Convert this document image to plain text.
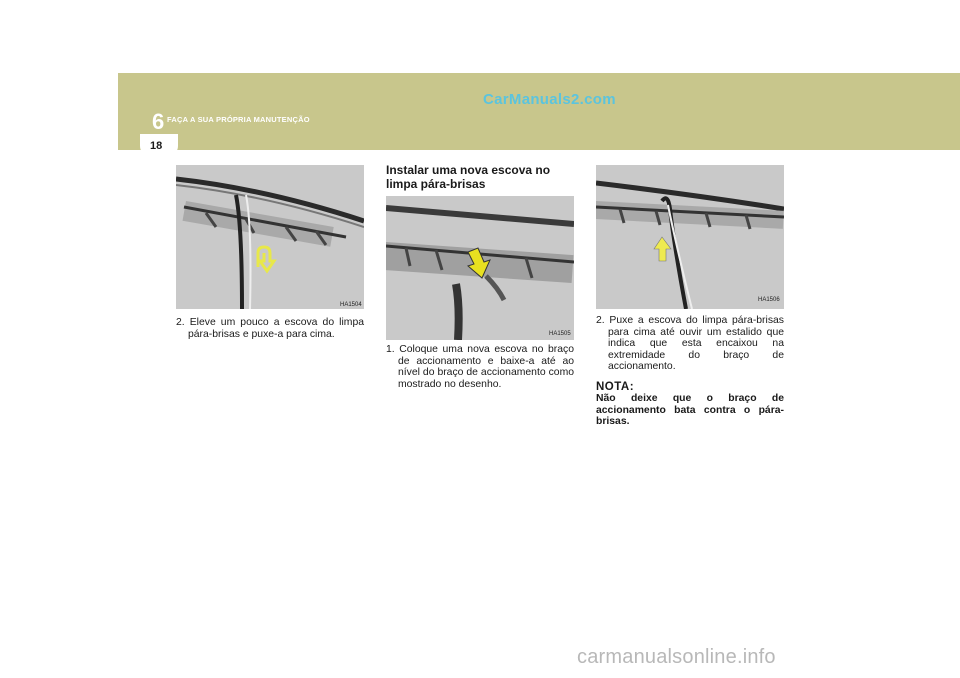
6 FAÇA A SUA PRÓPRIA MANUTENÇÃO
CarManuals2.com
18
HA1504

2. Eleve um pouco a escova do limpa pára-brisas e puxe-a para cima.

Instalar uma nova escova no limpa pára-brisas
HA1505

1. Coloque uma nova escova no braço de accionamento e baixe-a até ao nível do braço de accionamento como mostrado no desenho.

HA1506

2. Puxe a escova do limpa pára-brisas para cima até ouvir um estalido que indica que esta encaixou na extremidade do braço de accionamento.

NOTA:

Não deixe que o braço de accionamento bata contra o pára-brisas.

carmanualsonline.info
